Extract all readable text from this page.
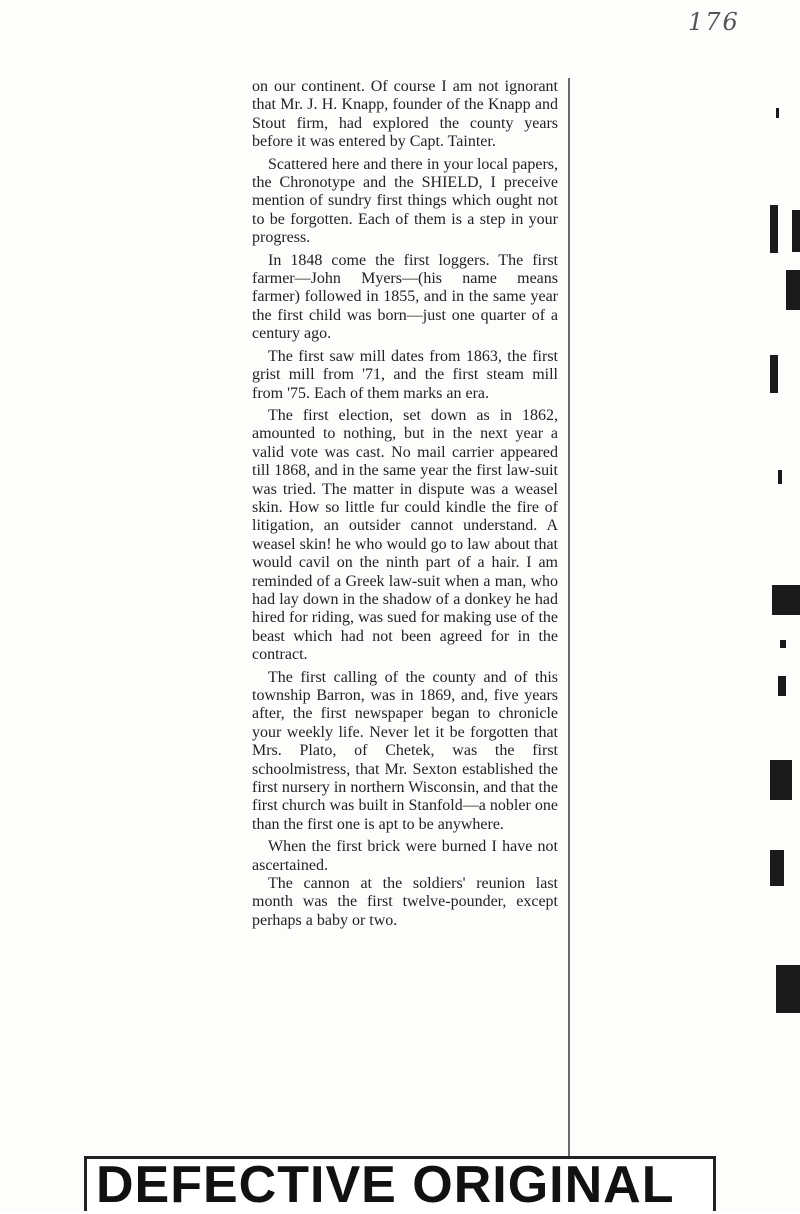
176

on our continent. Of course I am not ignorant that Mr. J. H. Knapp, founder of the Knapp and Stout firm, had explored the county years before it was entered by Capt. Tainter.

Scattered here and there in your local papers, the Chronotype and the SHIELD, I preceive mention of sundry first things which ought not to be forgotten. Each of them is a step in your progress.

In 1848 come the first loggers. The first farmer—John Myers—(his name means farmer) followed in 1855, and in the same year the first child was born—just one quarter of a century ago.

The first saw mill dates from 1863, the first grist mill from '71, and the first steam mill from '75. Each of them marks an era.

The first election, set down as in 1862, amounted to nothing, but in the next year a valid vote was cast. No mail carrier appeared till 1868, and in the same year the first law-suit was tried. The matter in dispute was a weasel skin. How so little fur could kindle the fire of litigation, an outsider cannot understand. A weasel skin! he who would go to law about that would cavil on the ninth part of a hair. I am reminded of a Greek law-suit when a man, who had lay down in the shadow of a donkey he had hired for riding, was sued for making use of the beast which had not been agreed for in the contract.

The first calling of the county and of this township Barron, was in 1869, and, five years after, the first newspaper began to chronicle your weekly life. Never let it be forgotten that Mrs. Plato, of Chetek, was the first schoolmistress, that Mr. Sexton established the first nursery in northern Wisconsin, and that the first church was built in Stanfold—a nobler one than the first one is apt to be anywhere.

When the first brick were burned I have not ascertained.

The cannon at the soldiers' reunion last month was the first twelve-pounder, except perhaps a baby or two.

DEFECTIVE ORIGINAL
